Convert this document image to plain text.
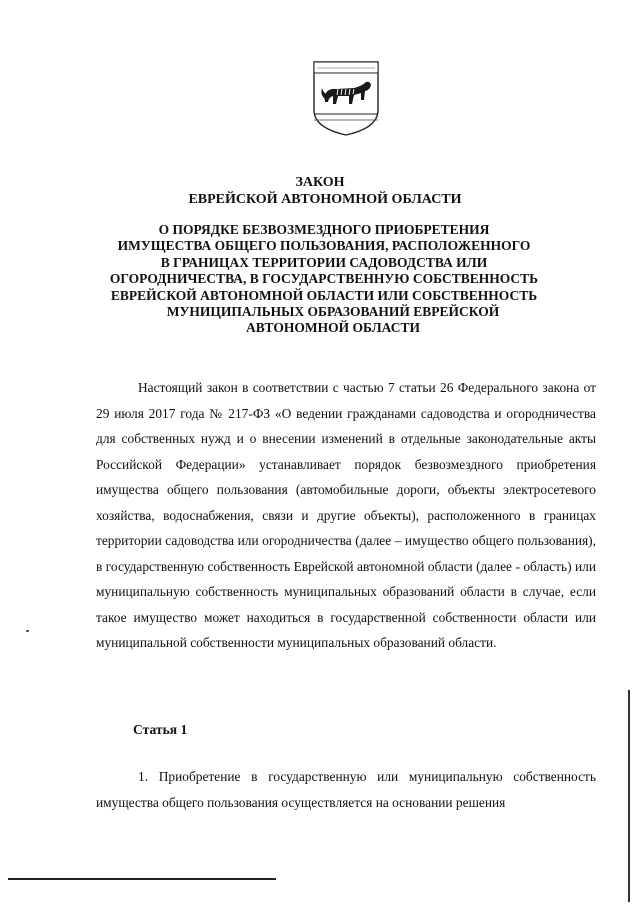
ЗАКОН
ЕВРЕЙСКОЙ АВТОНОМНОЙ ОБЛАСТИ
О ПОРЯДКЕ БЕЗВОЗМЕЗДНОГО ПРИОБРЕТЕНИЯ
ИМУЩЕСТВА ОБЩЕГО ПОЛЬЗОВАНИЯ, РАСПОЛОЖЕННОГО
В ГРАНИЦАХ ТЕРРИТОРИИ САДОВОДСТВА ИЛИ
ОГОРОДНИЧЕСТВА, В ГОСУДАРСТВЕННУЮ СОБСТВЕННОСТЬ
ЕВРЕЙСКОЙ АВТОНОМНОЙ ОБЛАСТИ ИЛИ СОБСТВЕННОСТЬ
МУНИЦИПАЛЬНЫХ ОБРАЗОВАНИЙ ЕВРЕЙСКОЙ
АВТОНОМНОЙ ОБЛАСТИ

Настоящий закон в соответствии с частью 7 статьи 26 Федерального закона от 29 июля 2017 года № 217-ФЗ «О ведении гражданами садоводства и огородничества для собственных нужд и о внесении изменений в отдельные законодательные акты Российской Федерации» устанавливает порядок безвозмездного приобретения имущества общего пользования (автомобильные дороги, объекты электросетевого хозяйства, водоснабжения, связи и другие объекты), расположенного в границах территории садоводства или огородничества (далее – имущество общего пользования), в государственную собственность Еврейской автономной области (далее - область) или муниципальную собственность муниципальных образований области в случае, если такое имущество может находиться в государственной собственности области или муниципальной собственности муниципальных образований области.

Статья 1

1. Приобретение в государственную или муниципальную собственность имущества общего пользования осуществляется на основании решения
